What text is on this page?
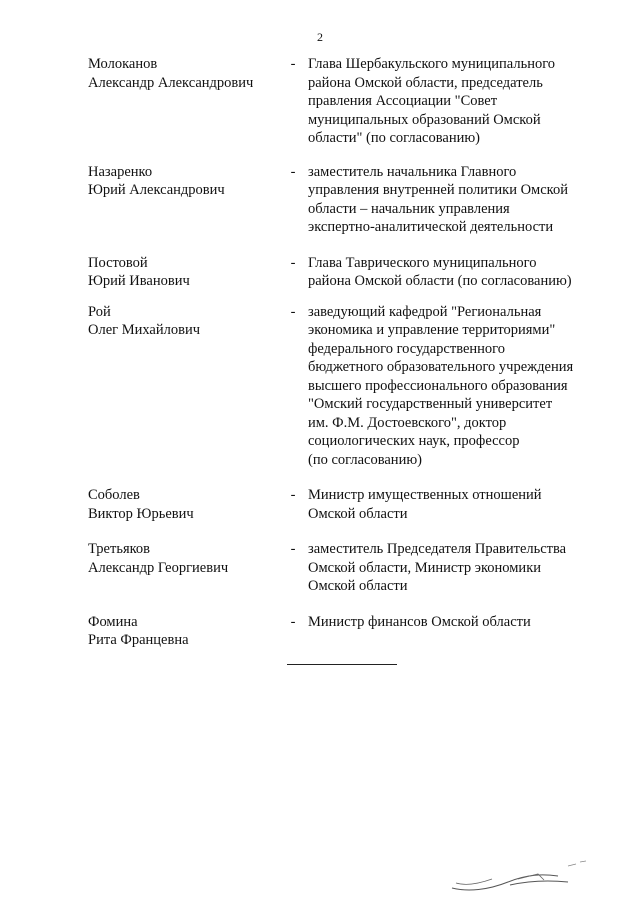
2
Молоканов
Александр Александрович
- Глава Шербакульского муниципального
района Омской области, председатель
правления Ассоциации "Совет
муниципальных образований Омской
области" (по согласованию)
Назаренко
Юрий Александрович
- заместитель начальника Главного
управления внутренней политики Омской
области – начальник управления
экспертно-аналитической деятельности
Постовой
Юрий Иванович
- Глава Таврического муниципального
района Омской области (по согласованию)
Рой
Олег Михайлович
- заведующий кафедрой "Региональная
экономика и управление территориями"
федерального государственного
бюджетного образовательного учреждения
высшего профессионального образования
"Омский государственный университет
им. Ф.М. Достоевского", доктор
социологических наук, профессор
(по согласованию)
Соболев
Виктор Юрьевич
- Министр имущественных отношений
Омской области
Третьяков
Александр Георгиевич
- заместитель Председателя Правительства
Омской области, Министр экономики
Омской области
Фомина
Рита Францевна
- Министр финансов Омской области
